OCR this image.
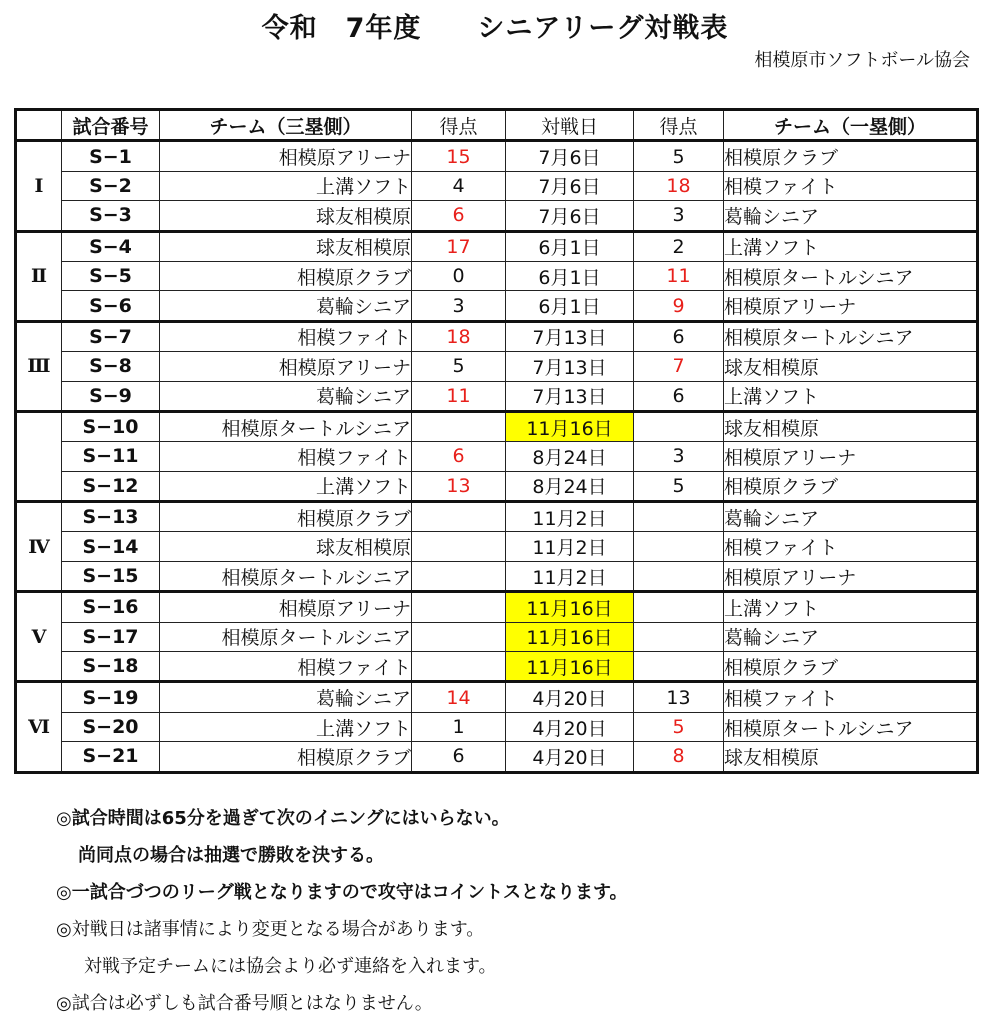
令和　7年度　　シニアリーグ対戦表
相模原市ソフトボール協会
	試合番号	チーム（三塁側）	得点	対戦日	得点	チーム（一塁側）
Ⅰ	S−1	相模原アリーナ	15	7月6日	5	相模原クラブ
	S−2	上溝ソフト	4	7月6日	18	相模ファイト
	S−3	球友相模原	6	7月6日	3	葛輪シニア
Ⅱ	S−4	球友相模原	17	6月1日	2	上溝ソフト
	S−5	相模原クラブ	0	6月1日	11	相模原タートルシニア
	S−6	葛輪シニア	3	6月1日	9	相模原アリーナ
Ⅲ	S−7	相模ファイト	18	7月13日	6	相模原タートルシニア
	S−8	相模原アリーナ	5	7月13日	7	球友相模原
	S−9	葛輪シニア	11	7月13日	6	上溝ソフト
	S−10	相模原タートルシニア		11月16日		球友相模原
	S−11	相模ファイト	6	8月24日	3	相模原アリーナ
	S−12	上溝ソフト	13	8月24日	5	相模原クラブ
Ⅳ	S−13	相模原クラブ		11月2日		葛輪シニア
	S−14	球友相模原		11月2日		相模ファイト
	S−15	相模原タートルシニア		11月2日		相模原アリーナ
Ⅴ	S−16	相模原アリーナ		11月16日		上溝ソフト
	S−17	相模原タートルシニア		11月16日		葛輪シニア
	S−18	相模ファイト		11月16日		相模原クラブ
Ⅵ	S−19	葛輪シニア	14	4月20日	13	相模ファイト
	S−20	上溝ソフト	1	4月20日	5	相模原タートルシニア
	S−21	相模原クラブ	6	4月20日	8	球友相模原
◎試合時間は65分を過ぎて次のイニングにはいらない。
尚同点の場合は抽選で勝敗を決する。
◎一試合づつのリーグ戦となりますので攻守はコイントスとなります。
◎対戦日は諸事情により変更となる場合があります。
対戦予定チームには協会より必ず連絡を入れます。
◎試合は必ずしも試合番号順とはなりません。
